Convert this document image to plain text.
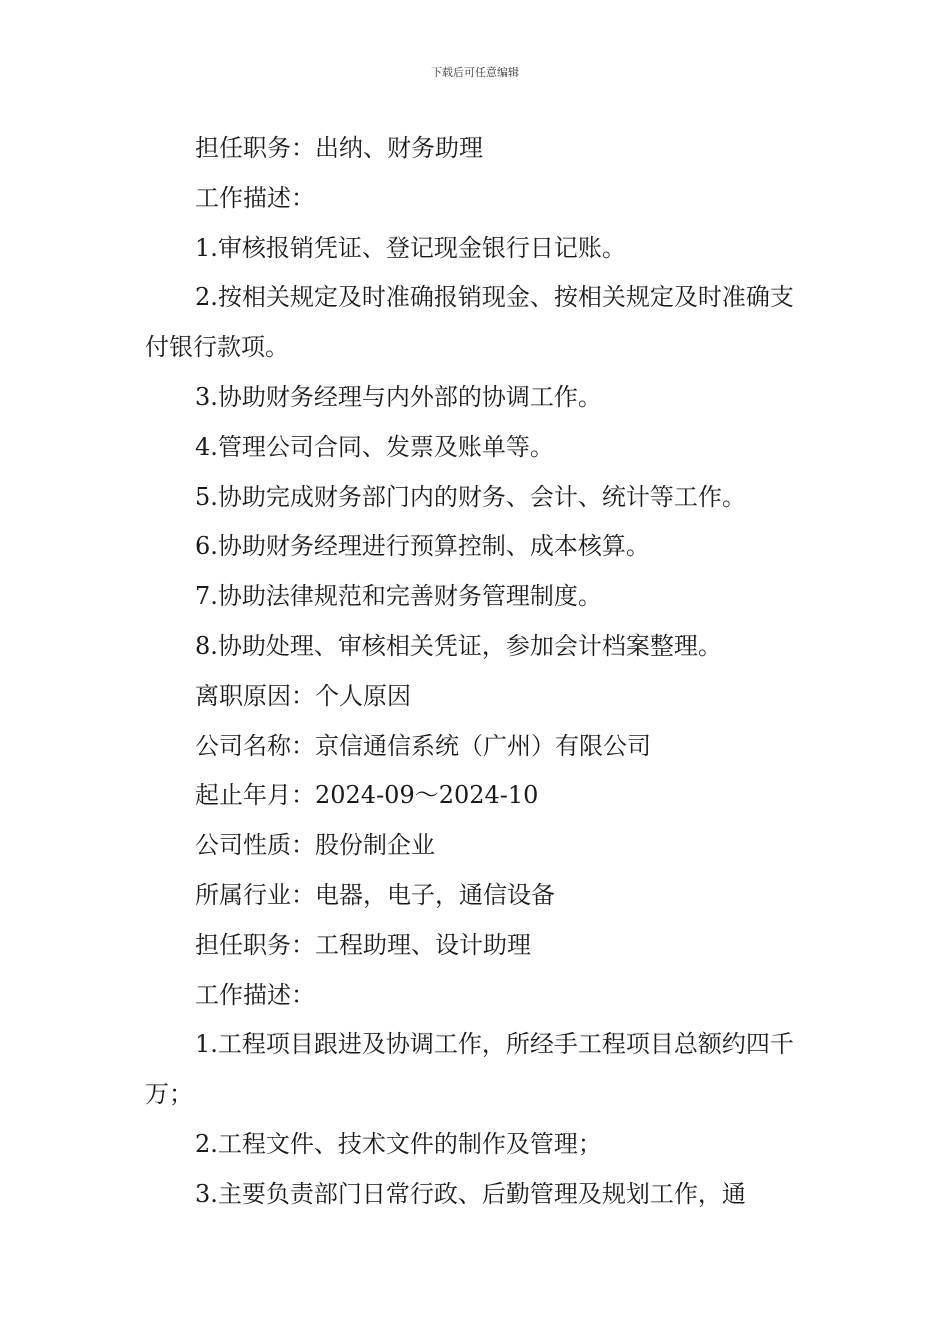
下载后可任意编辑

担任职务：出纳、财务助理

工作描述：

1.审核报销凭证、登记现金银行日记账。

2.按相关规定及时准确报销现金、按相关规定及时准确支付银行款项。

3.协助财务经理与内外部的协调工作。

4.管理公司合同、发票及账单等。

5.协助完成财务部门内的财务、会计、统计等工作。

6.协助财务经理进行预算控制、成本核算。

7.协助法律规范和完善财务管理制度。

8.协助处理、审核相关凭证，参加会计档案整理。

离职原因：个人原因

公司名称：京信通信系统（广州）有限公司

起止年月：2024-09～2024-10

公司性质：股份制企业

所属行业：电器，电子，通信设备

担任职务：工程助理、设计助理

工作描述：

1.工程项目跟进及协调工作，所经手工程项目总额约四千万；

2.工程文件、技术文件的制作及管理；

3.主要负责部门日常行政、后勤管理及规划工作，通
